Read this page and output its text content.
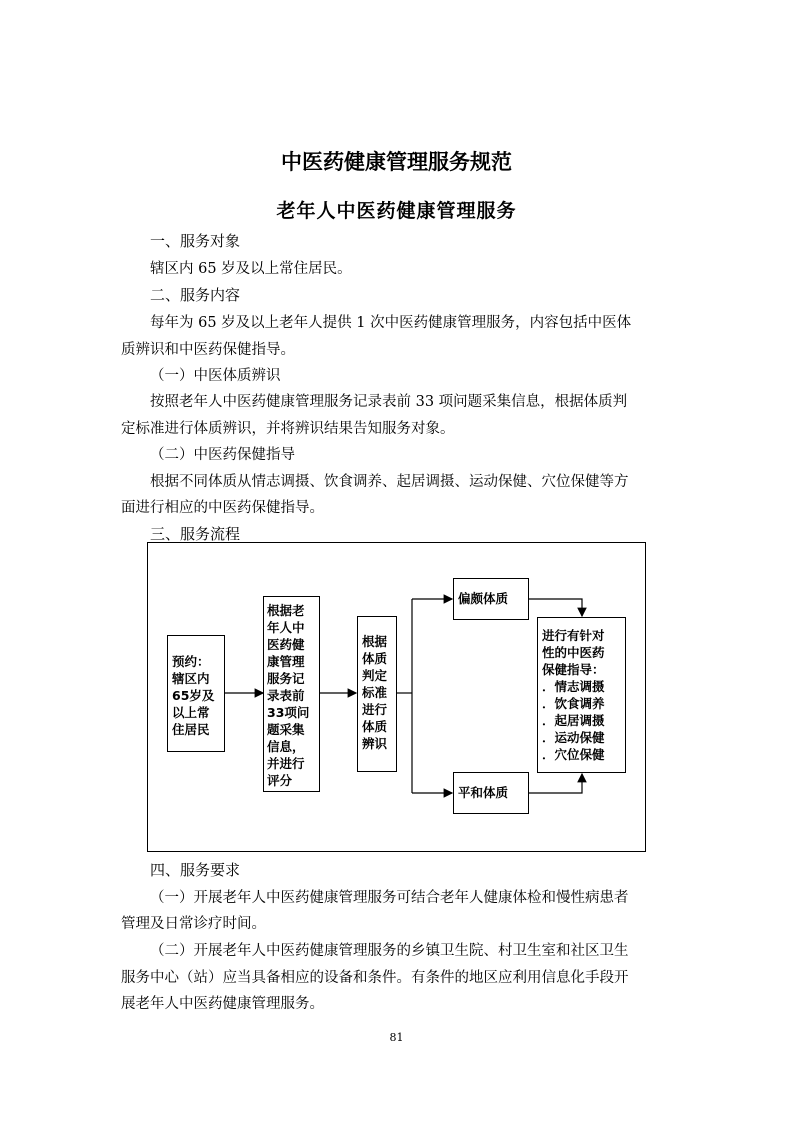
中医药健康管理服务规范
老年人中医药健康管理服务
一、服务对象
辖区内 65 岁及以上常住居民。
二、服务内容
每年为 65 岁及以上老年人提供 1 次中医药健康管理服务，内容包括中医体
质辨识和中医药保健指导。
（一）中医体质辨识
按照老年人中医药健康管理服务记录表前 33 项问题采集信息，根据体质判
定标准进行体质辨识，并将辨识结果告知服务对象。
（二）中医药保健指导
根据不同体质从情志调摄、饮食调养、起居调摄、运动保健、穴位保健等方
面进行相应的中医药保健指导。
三、服务流程
预约：
辖区内
65岁及
以上常
住居民
根据老
年人中
医药健
康管理
服务记
录表前
33项问
题采集
信息，
并进行
评分
根据
体质
判定
标准
进行
体质
辨识
偏颇体质
平和体质
进行有针对
性的中医药
保健指导：
．情志调摄
．饮食调养
．起居调摄
．运动保健
．穴位保健
四、服务要求
（一）开展老年人中医药健康管理服务可结合老年人健康体检和慢性病患者
管理及日常诊疗时间。
（二）开展老年人中医药健康管理服务的乡镇卫生院、村卫生室和社区卫生
服务中心（站）应当具备相应的设备和条件。有条件的地区应利用信息化手段开
展老年人中医药健康管理服务。
81
